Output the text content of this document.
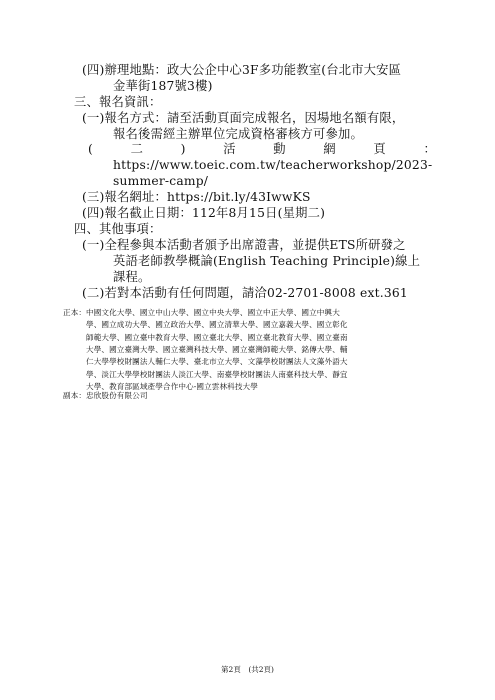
(四)辦理地點：政大公企中心3F多功能教室(台北市大安區
金華街187號3樓)
三、報名資訊：
(一)報名方式：請至活動頁面完成報名，因場地名額有限，
報名後需經主辦單位完成資格審核方可參加。
(	二	)	活	動	網	頁	：
https://www.toeic.com.tw/teacherworkshop/2023-
summer-camp/
(三)報名網址：https://bit.ly/43IwwKS
(四)報名截止日期：112年8月15日(星期二)
四、其他事項：
(一)全程參與本活動者頒予出席證書，並提供ETS所研發之
英語老師教學概論(English Teaching Principle)線上
課程。
(二)若對本活動有任何問題，請洽02-2701-8008 ext.361
正本： 中國文化大學、國立中山大學、國立中央大學、國立中正大學、國立中興大
學、國立成功大學、國立政治大學、國立清華大學、國立嘉義大學、國立彰化
師範大學、國立臺中教育大學、國立臺北大學、國立臺北教育大學、國立臺南
大學、國立臺灣大學、國立臺灣科技大學、國立臺灣師範大學、銘傳大學、輔
仁大學學校財團法人輔仁大學、臺北市立大學、文藻學校財團法人文藻外語大
學、淡江大學學校財團法人淡江大學、南臺學校財團法人南臺科技大學、靜宜
大學、教育部區域產學合作中心-國立雲林科技大學
副本： 忠欣股份有限公司
第2頁　(共2頁)
